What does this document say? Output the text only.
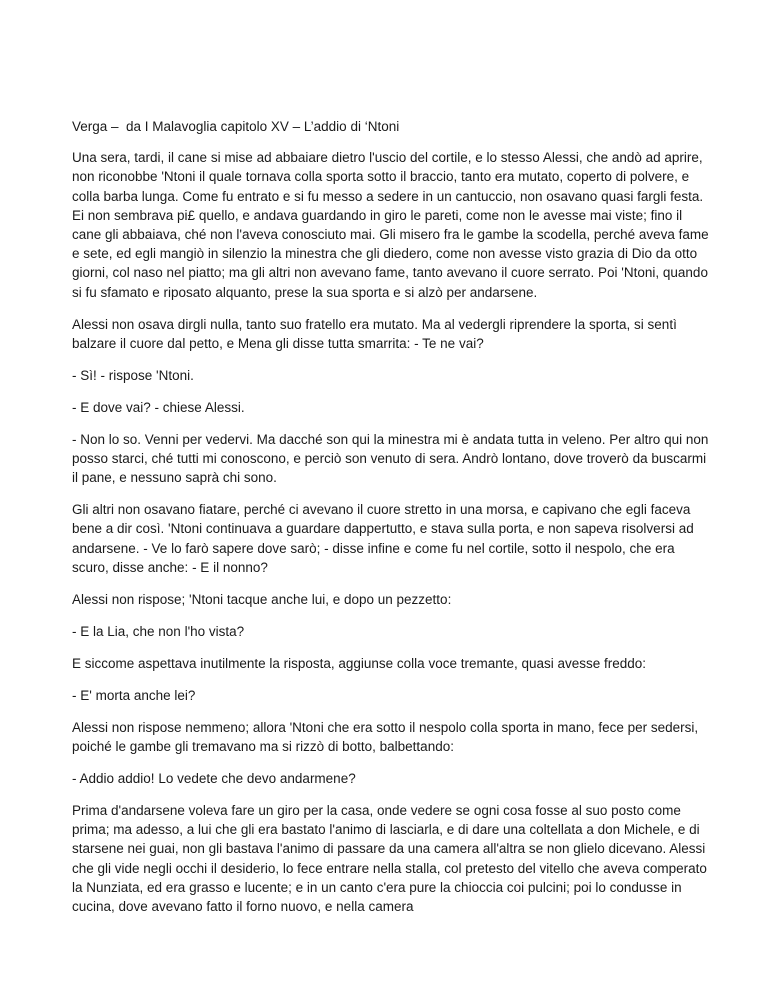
Verga –  da I Malavoglia capitolo XV – L’addio di ‘Ntoni

Una sera, tardi, il cane si mise ad abbaiare dietro l'uscio del cortile, e lo stesso Alessi, che andò ad aprire, non riconobbe 'Ntoni il quale tornava colla sporta sotto il braccio, tanto era mutato, coperto di polvere, e colla barba lunga. Come fu entrato e si fu messo a sedere in un cantuccio, non osavano quasi fargli festa. Ei non sembrava pi£ quello, e andava guardando in giro le pareti, come non le avesse mai viste; fino il cane gli abbaiava, ché non l'aveva conosciuto mai. Gli misero fra le gambe la scodella, perché aveva fame e sete, ed egli mangiò in silenzio la minestra che gli diedero, come non avesse visto grazia di Dio da otto giorni, col naso nel piatto; ma gli altri non avevano fame, tanto avevano il cuore serrato. Poi 'Ntoni, quando si fu sfamato e riposato alquanto, prese la sua sporta e si alzò per andarsene.

Alessi non osava dirgli nulla, tanto suo fratello era mutato. Ma al vedergli riprendere la sporta, si sentì balzare il cuore dal petto, e Mena gli disse tutta smarrita: - Te ne vai?

- Sì! - rispose 'Ntoni.

- E dove vai? - chiese Alessi.

- Non lo so. Venni per vedervi. Ma dacché son qui la minestra mi è andata tutta in veleno. Per altro qui non posso starci, ché tutti mi conoscono, e perciò son venuto di sera. Andrò lontano, dove troverò da buscarmi il pane, e nessuno saprà chi sono.

Gli altri non osavano fiatare, perché ci avevano il cuore stretto in una morsa, e capivano che egli faceva bene a dir così. 'Ntoni continuava a guardare dappertutto, e stava sulla porta, e non sapeva risolversi ad andarsene. - Ve lo farò sapere dove sarò; - disse infine e come fu nel cortile, sotto il nespolo, che era scuro, disse anche: - E il nonno?

Alessi non rispose; 'Ntoni tacque anche lui, e dopo un pezzetto:

- E la Lia, che non l'ho vista?

E siccome aspettava inutilmente la risposta, aggiunse colla voce tremante, quasi avesse freddo:

- E' morta anche lei?

Alessi non rispose nemmeno; allora 'Ntoni che era sotto il nespolo colla sporta in mano, fece per sedersi, poiché le gambe gli tremavano ma si rizzò di botto, balbettando:

- Addio addio! Lo vedete che devo andarmene?

Prima d'andarsene voleva fare un giro per la casa, onde vedere se ogni cosa fosse al suo posto come prima; ma adesso, a lui che gli era bastato l'animo di lasciarla, e di dare una coltellata a don Michele, e di starsene nei guai, non gli bastava l'animo di passare da una camera all'altra se non glielo dicevano. Alessi che gli vide negli occhi il desiderio, lo fece entrare nella stalla, col pretesto del vitello che aveva comperato la Nunziata, ed era grasso e lucente; e in un canto c'era pure la chioccia coi pulcini; poi lo condusse in cucina, dove avevano fatto il forno nuovo, e nella camera
